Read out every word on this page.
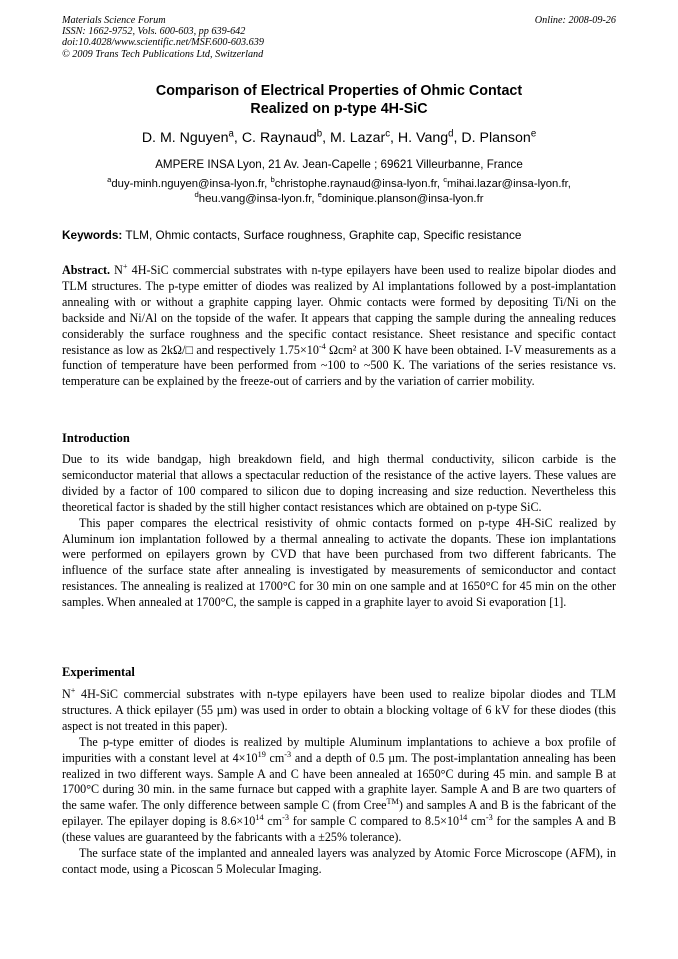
Materials Science Forum
ISSN: 1662-9752, Vols. 600-603, pp 639-642
doi:10.4028/www.scientific.net/MSF.600-603.639
© 2009 Trans Tech Publications Ltd, Switzerland
Online: 2008-09-26
Comparison of Electrical Properties of Ohmic Contact
Realized on p-type 4H-SiC
D. M. Nguyen$^a$, C. Raynaud$^b$, M. Lazar$^c$, H. Vang$^d$, D. Planson$^e$
AMPERE INSA Lyon, 21 Av. Jean-Capelle ; 69621 Villeurbanne, France
$^a$duy-minh.nguyen@insa-lyon.fr, $^b$christophe.raynaud@insa-lyon.fr, $^c$mihai.lazar@insa-lyon.fr,
$^d$heu.vang@insa-lyon.fr, $^e$dominique.planson@insa-lyon.fr
Keywords: TLM, Ohmic contacts, Surface roughness, Graphite cap, Specific resistance

Abstract. N+ 4H-SiC commercial substrates with n-type epilayers have been used to realize bipolar diodes and TLM structures. The p-type emitter of diodes was realized by Al implantations followed by a post-implantation annealing with or without a graphite capping layer. Ohmic contacts were formed by depositing Ti/Ni on the backside and Ni/Al on the topside of the wafer. It appears that capping the sample during the annealing reduces considerably the surface roughness and the specific contact resistance. Sheet resistance and specific contact resistance as low as 2kΩ/□ and respectively $1.75\times 10^{-4}$ Ωcm² at 300 K have been obtained. I-V measurements as a function of temperature have been performed from ~100 to ~500 K. The variations of the series resistance vs. temperature can be explained by the freeze-out of carriers and by the variation of carrier mobility.

Introduction

Due to its wide bandgap, high breakdown field, and high thermal conductivity, silicon carbide is the semiconductor material that allows a spectacular reduction of the resistance of the active layers. These values are divided by a factor of 100 compared to silicon due to doping increasing and size reduction. Nevertheless this theoretical factor is shaded by the still higher contact resistances which are obtained on p-type SiC.

This paper compares the electrical resistivity of ohmic contacts formed on p-type 4H-SiC realized by Aluminum ion implantation followed by a thermal annealing to activate the dopants. These ion implantations were performed on epilayers grown by CVD that have been purchased from two different fabricants. The influence of the surface state after annealing is investigated by measurements of semiconductor and contact resistances. The annealing is realized at 1700°C for 30 min on one sample and at 1650°C for 45 min on the other samples. When annealed at 1700°C, the sample is capped in a graphite layer to avoid Si evaporation [1].

Experimental

N+ 4H-SiC commercial substrates with n-type epilayers have been used to realize bipolar diodes and TLM structures. A thick epilayer (55 µm) was used in order to obtain a blocking voltage of 6 kV for these diodes (this aspect is not treated in this paper).

The p-type emitter of diodes is realized by multiple Aluminum implantations to achieve a box profile of impurities with a constant level at $4\times 10^{19}$ $cm^{-3}$ and a depth of 0.5 µm. The post-implantation annealing has been realized in two different ways. Sample A and C have been annealed at 1650°C during 45 min. and sample B at 1700°C during 30 min. in the same furnace but capped with a graphite layer. Sample A and B are two quarters of the same wafer. The only difference between sample C (from Cree™) and samples A and B is the fabricant of the epilayer. The epilayer doping is $8.6\times 10^{14}$ $cm^{-3}$ for sample C compared to $8.5\times 10^{14}$ $cm^{-3}$ for the samples A and B (these values are guaranteed by the fabricants with a ±25% tolerance).

The surface state of the implanted and annealed layers was analyzed by Atomic Force Microscope (AFM), in contact mode, using a Picoscan 5 Molecular Imaging.
